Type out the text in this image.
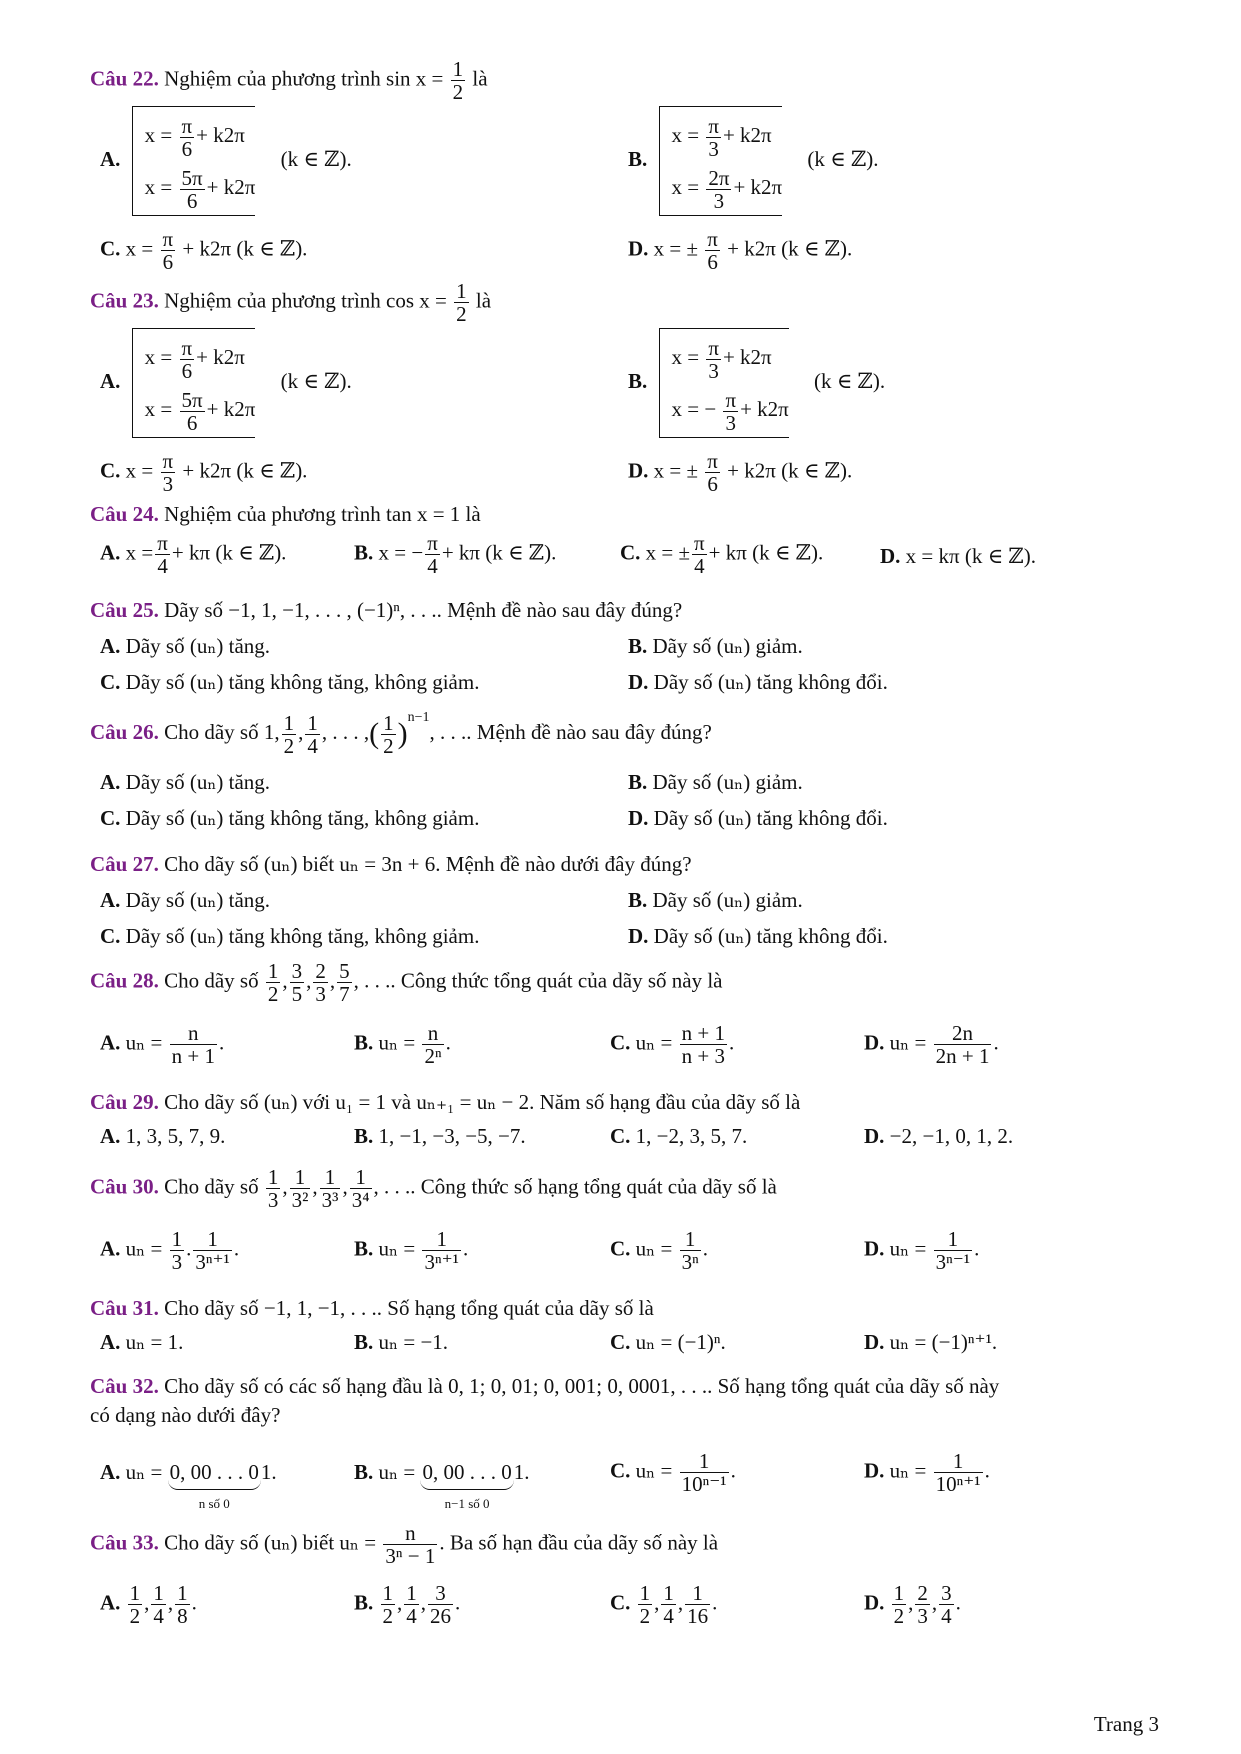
Câu 22. Nghiệm của phương trình $\sin x = \frac{1}{2}$ là
A.
$x = \frac{\pi}{6} + k2\pi$
$x = \frac{5\pi}{6} + k2\pi$
(k ∈ ℤ).	B.
$x = \frac{\pi}{3} + k2\pi$
$x = \frac{2\pi}{3} + k2\pi$
(k ∈ ℤ).
C. $x = \frac{\pi}{6} + k2\pi$ (k ∈ ℤ).	D. x = ± $\frac{\pi}{6} + k2\pi$ (k ∈ ℤ).
Câu 23. Nghiệm của phương trình $\cos x = \frac{1}{2}$ là
A.
$x = \frac{\pi}{6} + k2\pi$
$x = \frac{5\pi}{6} + k2\pi$
(k ∈ ℤ).	B.
$x = \frac{\pi}{3} + k2\pi$
x = − $\frac{\pi}{3} + k2\pi$
(k ∈ ℤ).
C. $x = \frac{\pi}{3} + k2\pi$ (k ∈ ℤ).	D. x = ± $\frac{\pi}{6} + k2\pi$ (k ∈ ℤ).
Câu 24. Nghiệm của phương trình tan x = 1 là
A. $x = \frac{\pi}{4} + k\pi$ (k ∈ ℤ).	B. x = − $\frac{\pi}{4} + k\pi$ (k ∈ ℤ).	C. x = ± $\frac{\pi}{4} + k\pi$ (k ∈ ℤ).	D. x = kπ (k ∈ ℤ).
Câu 25. Dãy số −1, 1, −1, . . . , (−1)ⁿ, . . .. Mệnh đề nào sau đây đúng?
A. Dãy số (uₙ) tăng.	B. Dãy số (uₙ) giảm.
C. Dãy số (uₙ) tăng không tăng, không giảm.	D. Dãy số (uₙ) tăng không đổi.
Câu 26. Cho dãy số 1, $\frac{1}{2}$ , $\frac{1}{4}$ , . . . ,( $\frac{1}{2} )^{n-1}$, . . .. Mệnh đề nào sau đây đúng?
A. Dãy số (uₙ) tăng.	B. Dãy số (uₙ) giảm.
C. Dãy số (uₙ) tăng không tăng, không giảm.	D. Dãy số (uₙ) tăng không đổi.
Câu 27. Cho dãy số (uₙ) biết uₙ = 3n + 6. Mệnh đề nào dưới đây đúng?
A. Dãy số (uₙ) tăng.	B. Dãy số (uₙ) giảm.
C. Dãy số (uₙ) tăng không tăng, không giảm.	D. Dãy số (uₙ) tăng không đổi.
Câu 28. Cho dãy số $\frac{1}{2}$ , $\frac{3}{5}$ , $\frac{2}{3}$ , $\frac{5}{7}$ , . . .. Công thức tổng quát của dãy số này là
A. $u_n = \frac{n}{n + 1}$ .	B. $u_n = \frac{n}{\text{2ⁿ}}$ .	C. $u_n = \frac{n + 1}{n + 3}$ .	D. $u_n = \frac{2n}{2n + 1}$ .
Câu 29. Cho dãy số (uₙ) với u₁ = 1 và uₙ₊₁ = uₙ − 2. Năm số hạng đầu của dãy số là
A. 1, 3, 5, 7, 9.	B. 1, −1, −3, −5, −7.	C. 1, −2, 3, 5, 7.	D. −2, −1, 0, 1, 2.
Câu 30. Cho dãy số $\frac{1}{3}$ , $\frac{1}{\text{3²}}$ , $\frac{1}{\text{3³}}$ , $\frac{1}{\text{3⁴}}$ , . . .. Công thức số hạng tổng quát của dãy số là
A. $u_n = \frac{1}{3}$ . $\frac{1}{\text{3ⁿ⁺¹}}$ .	B. $u_n = \frac{1}{\text{3ⁿ⁺¹}}$ .	C. $u_n = \frac{1}{\text{3ⁿ}}$ .	D. $u_n = \frac{1}{\text{3ⁿ⁻¹}}$ .
Câu 31. Cho dãy số −1, 1, −1, . . .. Số hạng tổng quát của dãy số là
A. uₙ = 1.	B. uₙ = −1.	C. uₙ = (−1)ⁿ.	D. uₙ = (−1)ⁿ⁺¹.
Câu 32. Cho dãy số có các số hạng đầu là 0, 1; 0, 01; 0, 001; 0, 0001, . . .. Số hạng tổng quát của dãy số này
có dạng nào dưới đây?
A. uₙ = 0, 00 . . . 0
n số 0
1.	B. uₙ = 0, 00 . . . 0
n−1 số 0
1.	C. $u_n = \frac{1}{\text{10ⁿ⁻¹}}$ .	D. $u_n = \frac{1}{\text{10ⁿ⁺¹}}$ .
Câu 33. Cho dãy số (uₙ) biết $u_n = \frac{n}{\text{3ⁿ − 1}}$ . Ba số hạn đầu của dãy số này là
A. $\frac{1}{2}$ , $\frac{1}{4}$ , $\frac{1}{8}$ .	B. $\frac{1}{2}$ , $\frac{1}{4}$ , $\frac{3}{26}$ .	C. $\frac{1}{2}$ , $\frac{1}{4}$ , $\frac{1}{16}$ .	D. $\frac{1}{2}$ , $\frac{2}{3}$ , $\frac{3}{4}$ .
Trang 3
